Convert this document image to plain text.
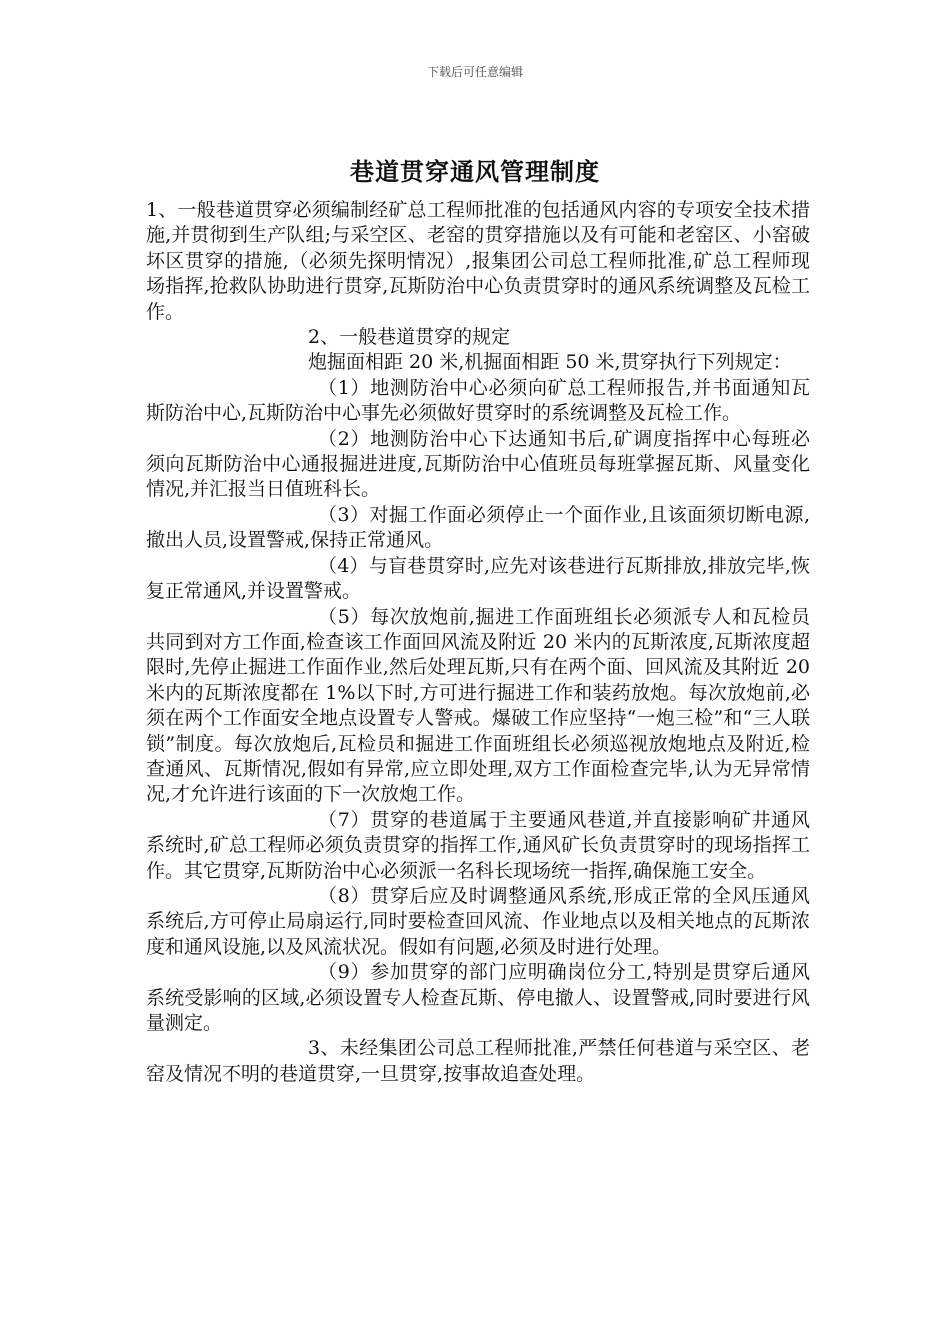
下载后可任意编辑
巷道贯穿通风管理制度

1、一般巷道贯穿必须编制经矿总工程师批准的包括通风内容的专项安全技术措施,并贯彻到生产队组;与采空区、老窑的贯穿措施以及有可能和老窑区、小窑破坏区贯穿的措施,（必须先探明情况）,报集团公司总工程师批准,矿总工程师现场指挥,抢救队协助进行贯穿,瓦斯防治中心负责贯穿时的通风系统调整及瓦检工作。

2、一般巷道贯穿的规定

炮掘面相距 20 米,机掘面相距 50 米,贯穿执行下列规定：

（1）地测防治中心必须向矿总工程师报告,并书面通知瓦斯防治中心,瓦斯防治中心事先必须做好贯穿时的系统调整及瓦检工作。

（2）地测防治中心下达通知书后,矿调度指挥中心每班必须向瓦斯防治中心通报掘进进度,瓦斯防治中心值班员每班掌握瓦斯、风量变化情况,并汇报当日值班科长。

（3）对掘工作面必须停止一个面作业,且该面须切断电源,撤出人员,设置警戒,保持正常通风。

（4）与盲巷贯穿时,应先对该巷进行瓦斯排放,排放完毕,恢复正常通风,并设置警戒。

（5）每次放炮前,掘进工作面班组长必须派专人和瓦检员共同到对方工作面,检查该工作面回风流及附近 20 米内的瓦斯浓度,瓦斯浓度超限时,先停止掘进工作面作业,然后处理瓦斯,只有在两个面、回风流及其附近 20 米内的瓦斯浓度都在 1%以下时,方可进行掘进工作和装药放炮。每次放炮前,必须在两个工作面安全地点设置专人警戒。爆破工作应坚持“一炮三检”和“三人联锁”制度。每次放炮后,瓦检员和掘进工作面班组长必须巡视放炮地点及附近,检查通风、瓦斯情况,假如有异常,应立即处理,双方工作面检查完毕,认为无异常情况,才允许进行该面的下一次放炮工作。

（7）贯穿的巷道属于主要通风巷道,并直接影响矿井通风系统时,矿总工程师必须负责贯穿的指挥工作,通风矿长负责贯穿时的现场指挥工作。其它贯穿,瓦斯防治中心必须派一名科长现场统一指挥,确保施工安全。

（8）贯穿后应及时调整通风系统,形成正常的全风压通风系统后,方可停止局扇运行,同时要检查回风流、作业地点以及相关地点的瓦斯浓度和通风设施,以及风流状况。假如有问题,必须及时进行处理。

（9）参加贯穿的部门应明确岗位分工,特别是贯穿后通风系统受影响的区域,必须设置专人检查瓦斯、停电撤人、设置警戒,同时要进行风量测定。

3、未经集团公司总工程师批准,严禁任何巷道与采空区、老窑及情况不明的巷道贯穿,一旦贯穿,按事故追查处理。
